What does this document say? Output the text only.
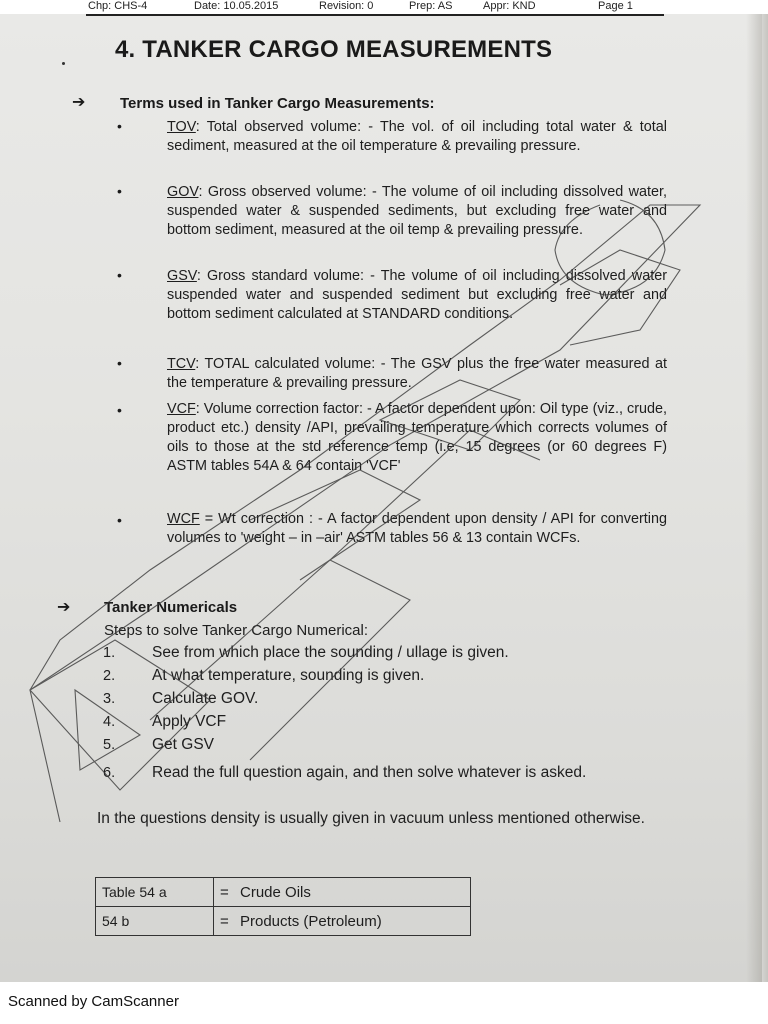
Chp: CHS-4	Date: 10.05.2015	Revision: 0	Prep: AS	Appr: KND	Page 1
4. TANKER CARGO MEASUREMENTS
➔ Terms used in Tanker Cargo Measurements:
•	TOV: Total observed volume: - The vol. of oil including total water & total sediment, measured at the oil temperature & prevailing pressure.
•	GOV: Gross observed volume: - The volume of oil including dissolved water, suspended water & suspended sediments, but excluding free water and bottom sediment, measured at the oil temp & prevailing pressure.
•	GSV: Gross standard volume: - The volume of oil including dissolved water suspended water and suspended sediment but excluding free water and bottom sediment calculated at STANDARD conditions.
•	TCV: TOTAL calculated volume: - The GSV plus the free water measured at the temperature & prevailing pressure.
•	VCF: Volume correction factor: - A factor dependent upon: Oil type (viz., crude, product etc.) density /API, prevailing temperature which corrects volumes of oils to those at the std reference temp (i.e, 15 degrees (or 60 degrees F) ASTM tables 54A & 64 contain 'VCF'
•	WCF = Wt correction : - A factor dependent upon density / API for converting volumes to 'weight – in –air' ASTM tables 56 & 13 contain WCFs.
➔ Tanker Numericals
Steps to solve Tanker Cargo Numerical:
1. See from which place the sounding / ullage is given.
2. At what temperature, sounding is given.
3. Calculate GOV.
4. Apply VCF
5. Get GSV
6. Read the full question again, and then solve whatever is asked.
In the questions density is usually given in vacuum unless mentioned otherwise.
Table 54 a	= Crude Oils
54 b	= Products (Petroleum)
Scanned by CamScanner
